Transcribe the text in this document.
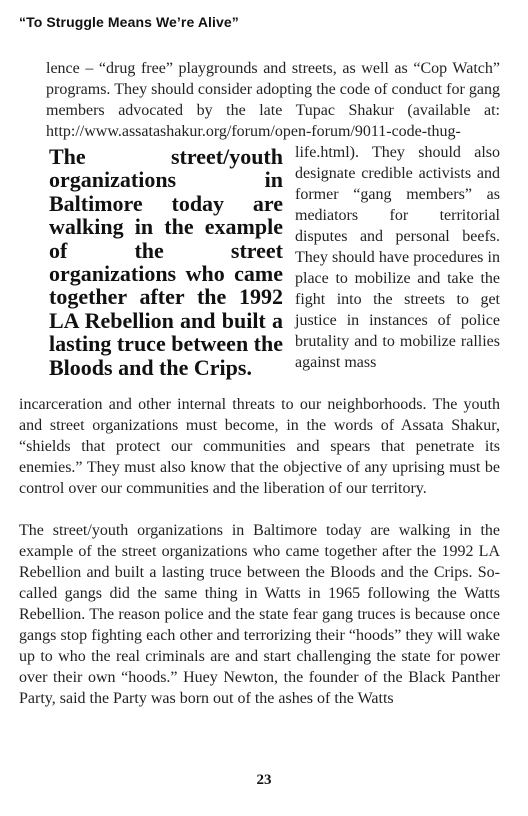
“To Struggle Means We’re Alive”
lence – “drug free” playgrounds and streets, as well as “Cop Watch” programs. They should consider adopting the code of conduct for gang members advocated by the late Tupac Shakur (available at: http://www.assatashakur.org/forum/open-forum/9011-code-thug-life.html). They should also
The street/youth organizations in Baltimore today are walking in the example of the street organizations who came together after the 1992 LA Rebellion and built a lasting truce between the Bloods and the Crips.
designate credible activists and former “gang members” as mediators for territorial disputes and personal beefs. They should have procedures in place to mobilize and take the fight into the streets to get justice in instances of police brutality and to mobilize rallies against mass
incarceration and other internal threats to our neighborhoods. The youth and street organizations must become, in the words of Assata Shakur, “shields that protect our communities and spears that penetrate its enemies.” They must also know that the objective of any uprising must be control over our communities and the liberation of our territory.
The street/youth organizations in Baltimore today are walking in the example of the street organizations who came together after the 1992 LA Rebellion and built a lasting truce between the Bloods and the Crips. So-called gangs did the same thing in Watts in 1965 following the Watts Rebellion. The reason police and the state fear gang truces is because once gangs stop fighting each other and terrorizing their “hoods” they will wake up to who the real criminals are and start challenging the state for power over their own “hoods.” Huey Newton, the founder of the Black Panther Party, said the Party was born out of the ashes of the Watts
23
